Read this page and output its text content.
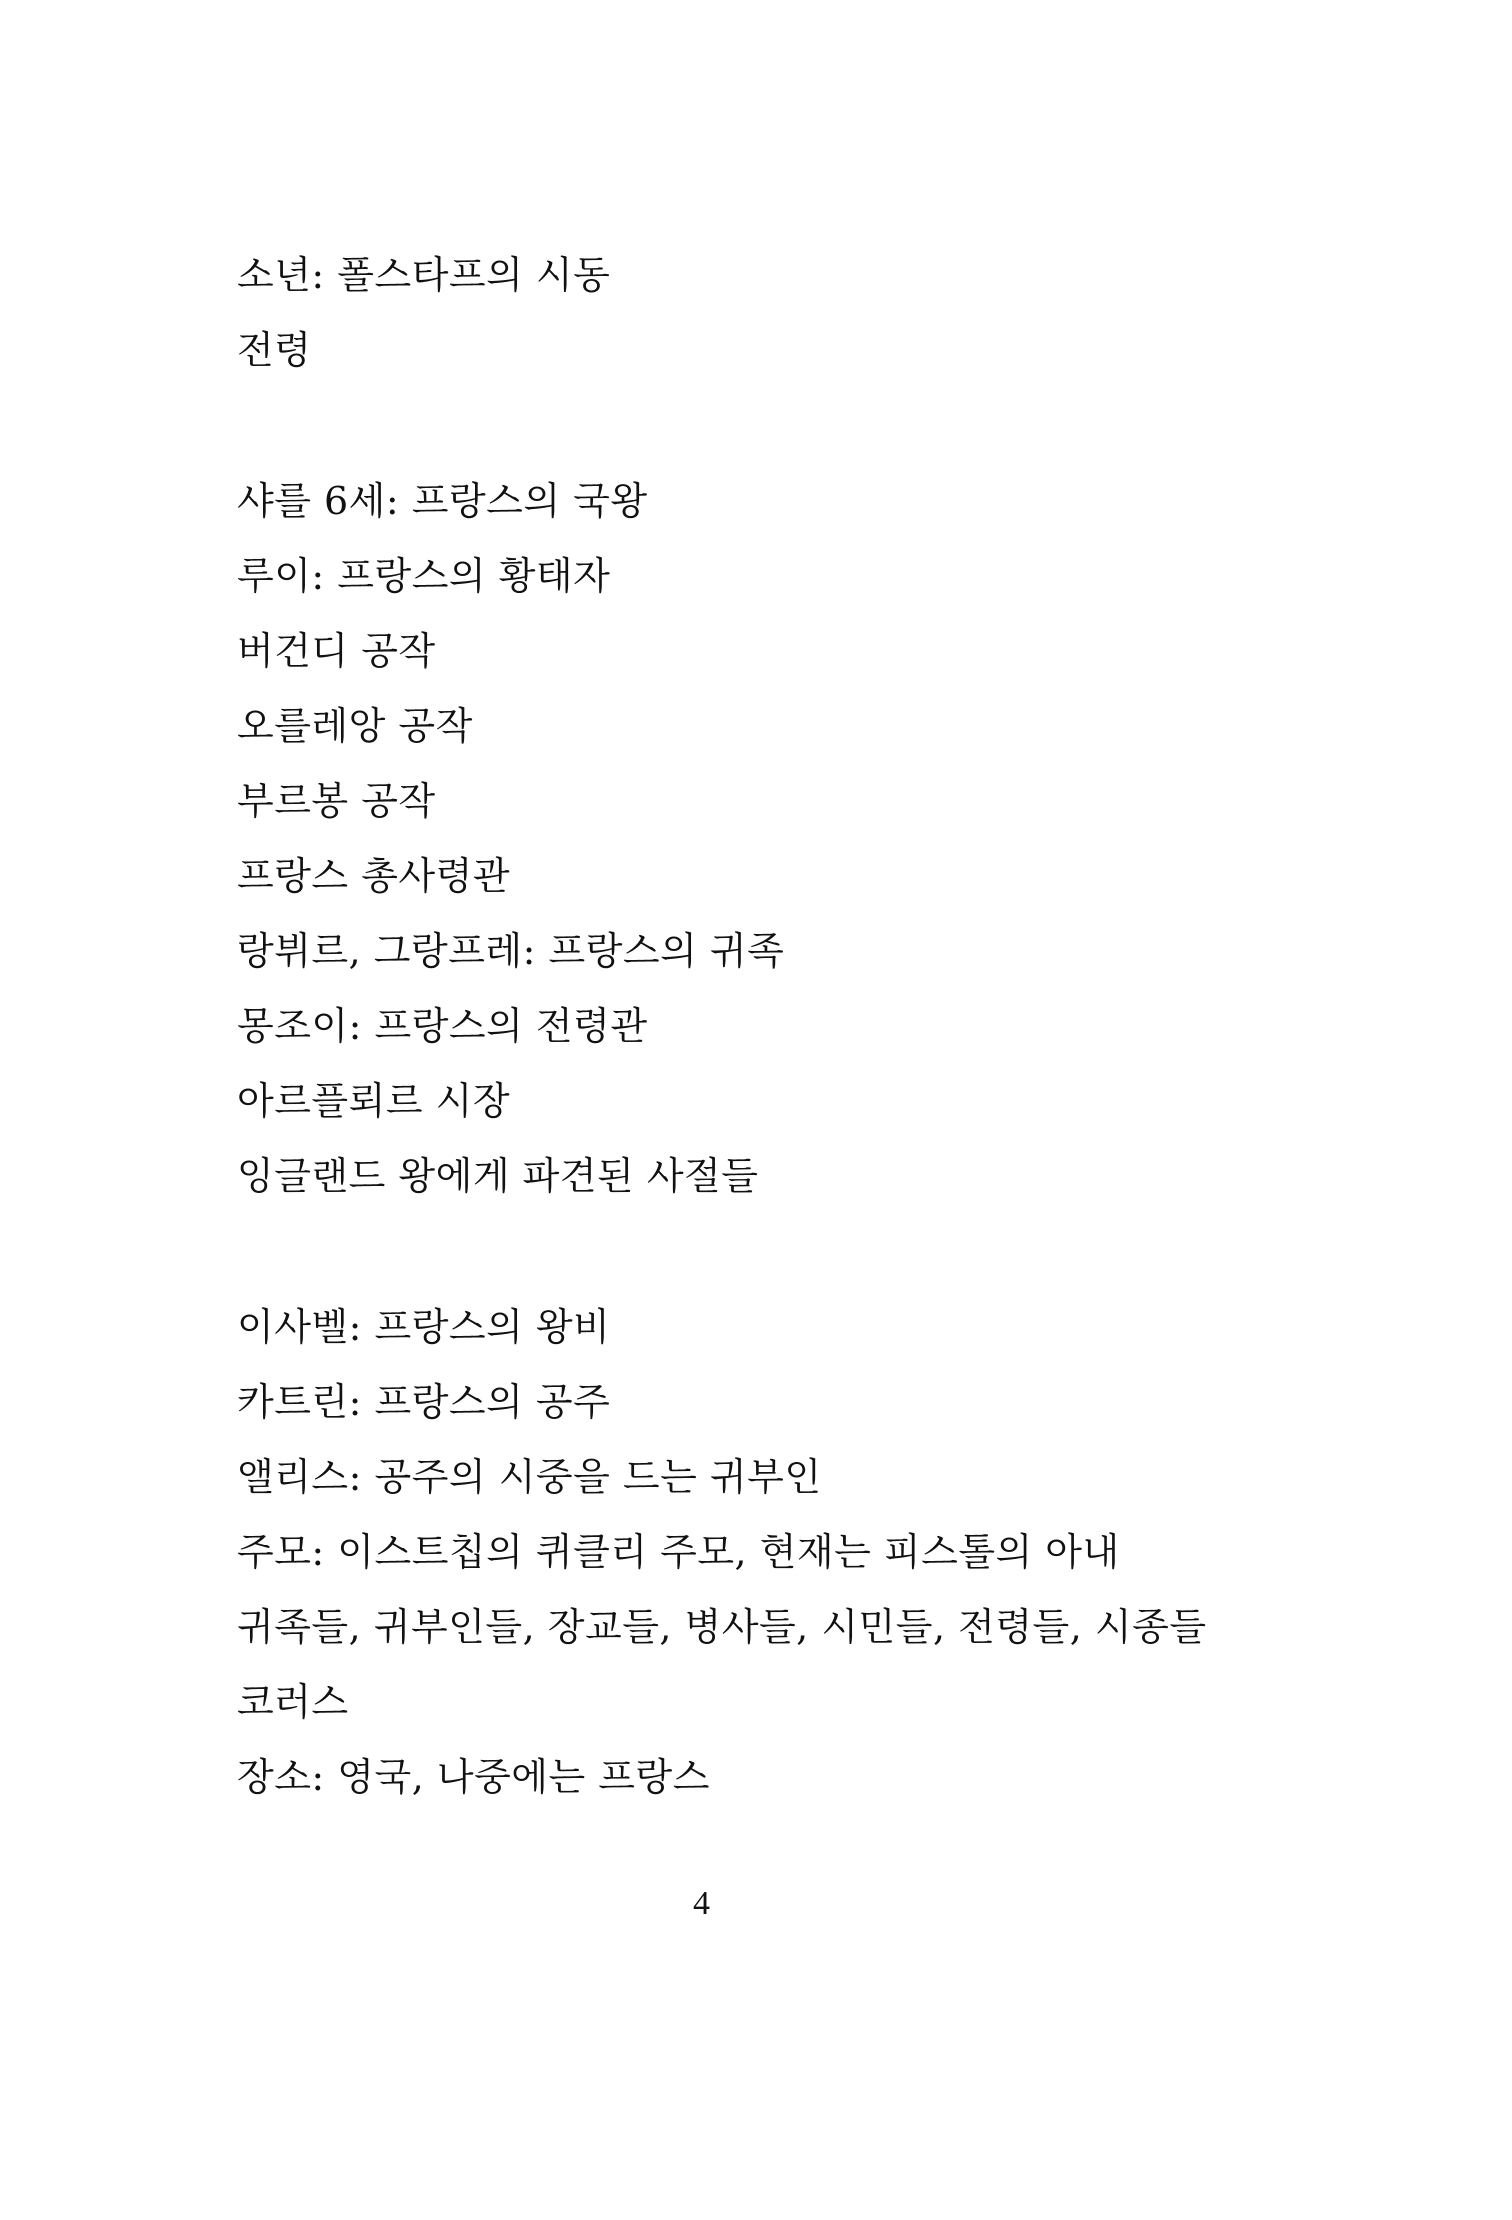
소년: 폴스타프의 시동
전령
샤를 6세: 프랑스의 국왕
루이: 프랑스의 황태자
버건디 공작
오를레앙 공작
부르봉 공작
프랑스 총사령관
랑뷔르, 그랑프레: 프랑스의 귀족
몽조이: 프랑스의 전령관
아르플뢰르 시장
잉글랜드 왕에게 파견된 사절들
이사벨: 프랑스의 왕비
카트린: 프랑스의 공주
앨리스: 공주의 시중을 드는 귀부인
주모: 이스트칩의 퀴클리 주모, 현재는 피스톨의 아내
귀족들, 귀부인들, 장교들, 병사들, 시민들, 전령들, 시종들
코러스
장소: 영국, 나중에는 프랑스
4
